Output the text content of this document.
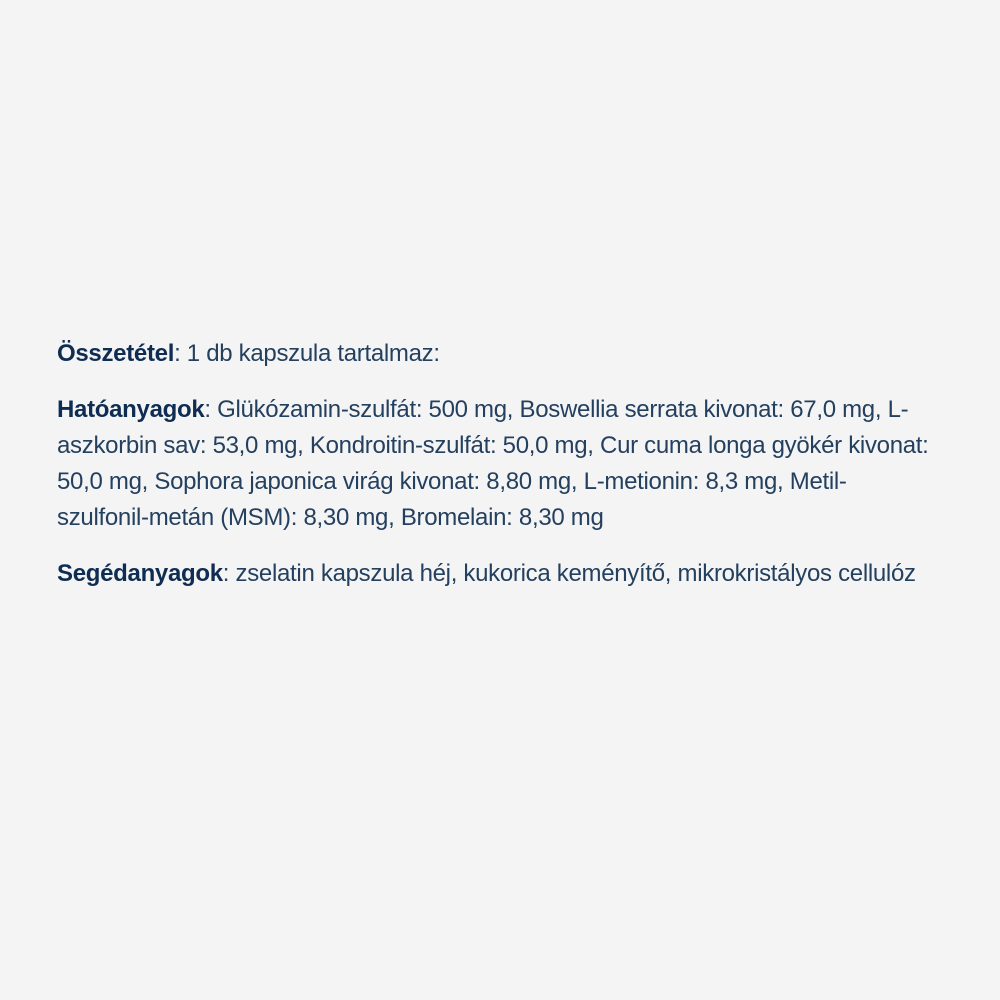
Összetétel: 1 db kapszula tartalmaz:

Hatóanyagok: Glükózamin-szulfát: 500 mg, Boswellia serrata kivonat: 67,0 mg, L-aszkorbin sav: 53,0 mg, Kondroitin-szulfát: 50,0 mg, Cur cuma longa gyökér kivonat: 50,0 mg, Sophora japonica virág kivonat: 8,80 mg, L-metionin: 8,3 mg, Metil-szulfonil-metán (MSM): 8,30 mg, Bromelain: 8,30 mg

Segédanyagok: zselatin kapszula héj, kukorica keményítő, mikrokristályos cellulóz
